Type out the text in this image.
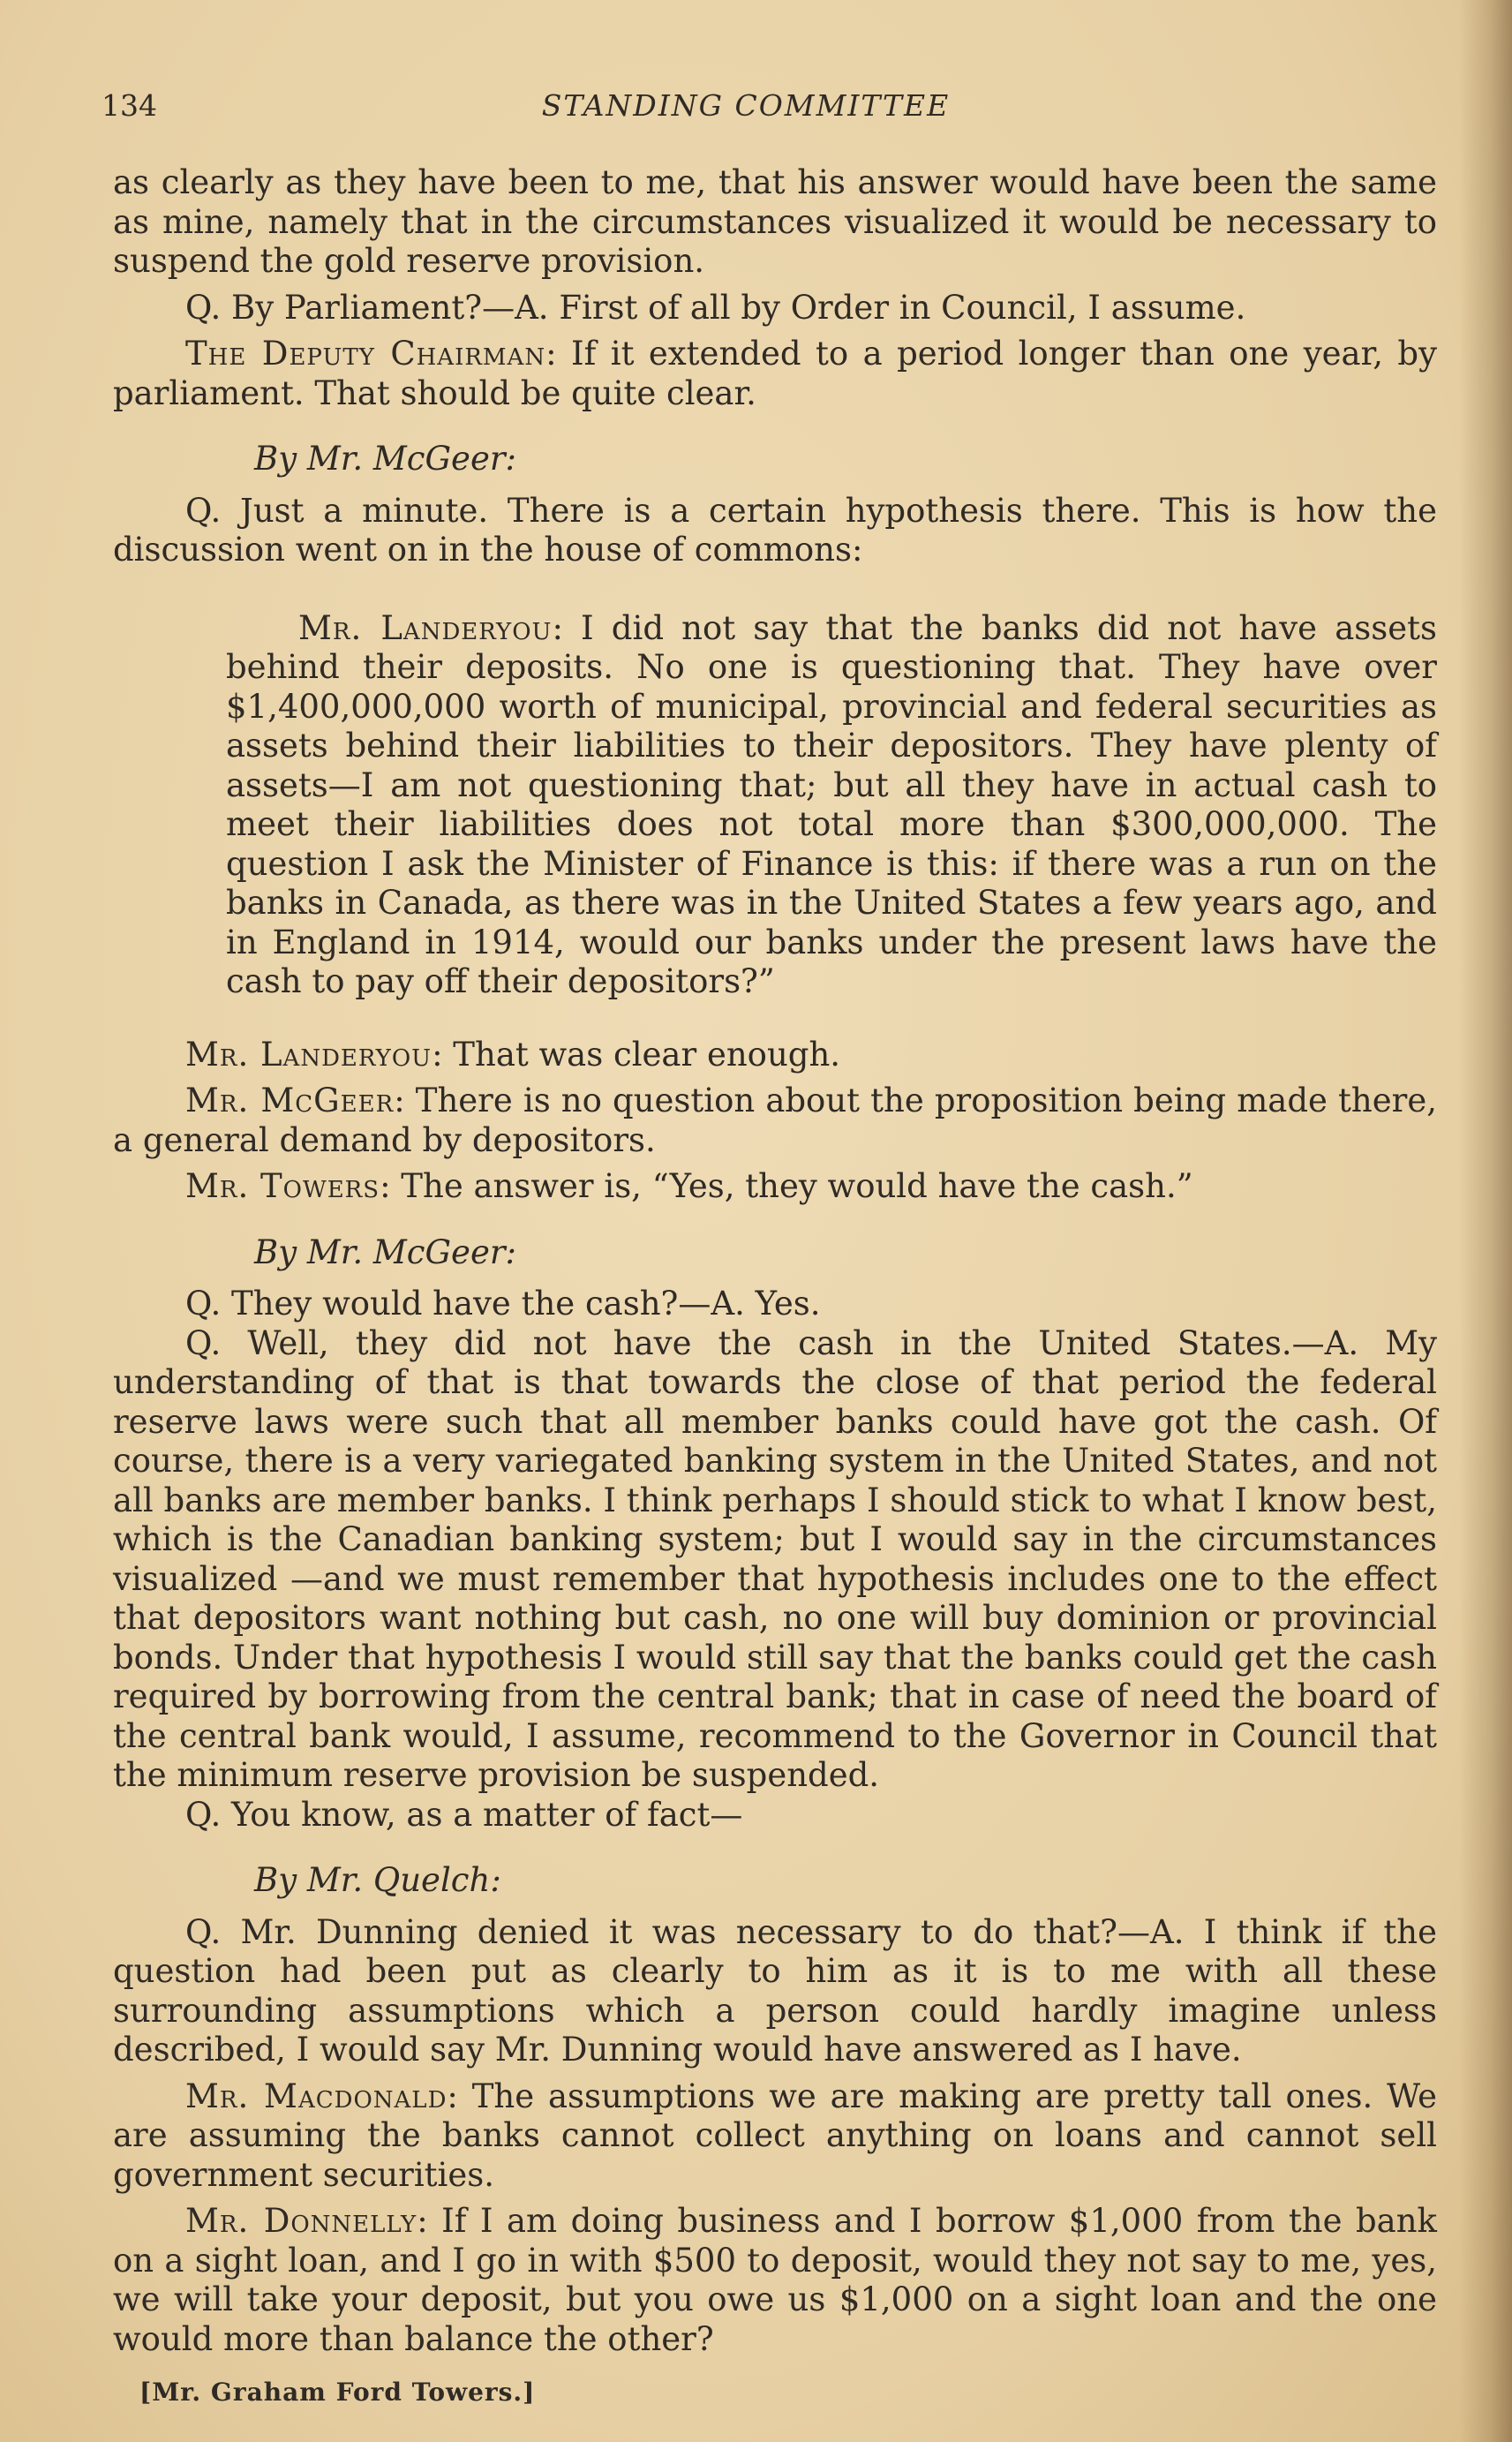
134	STANDING COMMITTEE

as clearly as they have been to me, that his answer would have been the same as mine, namely that in the circumstances visualized it would be necessary to suspend the gold reserve provision.

Q. By Parliament?—A. First of all by Order in Council, I assume.

The Deputy Chairman: If it extended to a period longer than one year, by parliament. That should be quite clear.

By Mr. McGeer:

Q. Just a minute. There is a certain hypothesis there. This is how the discussion went on in the house of commons:

Mr. Landeryou: I did not say that the banks did not have assets behind their deposits. No one is questioning that. They have over $1,400,000,000 worth of municipal, provincial and federal securities as assets behind their liabilities to their depositors. They have plenty of assets—I am not questioning that; but all they have in actual cash to meet their liabilities does not total more than $300,000,000. The question I ask the Minister of Finance is this: if there was a run on the banks in Canada, as there was in the United States a few years ago, and in England in 1914, would our banks under the present laws have the cash to pay off their depositors?”

Mr. Landeryou: That was clear enough.

Mr. McGeer: There is no question about the proposition being made there, a general demand by depositors.

Mr. Towers: The answer is, “Yes, they would have the cash.”

By Mr. McGeer:

Q. They would have the cash?—A. Yes.

Q. Well, they did not have the cash in the United States.—A. My understanding of that is that towards the close of that period the federal reserve laws were such that all member banks could have got the cash. Of course, there is a very variegated banking system in the United States, and not all banks are member banks. I think perhaps I should stick to what I know best, which is the Canadian banking system; but I would say in the circumstances visualized —and we must remember that hypothesis includes one to the effect that depositors want nothing but cash, no one will buy dominion or provincial bonds. Under that hypothesis I would still say that the banks could get the cash required by borrowing from the central bank; that in case of need the board of the central bank would, I assume, recommend to the Governor in Council that the minimum reserve provision be suspended.

Q. You know, as a matter of fact—

By Mr. Quelch:

Q. Mr. Dunning denied it was necessary to do that?—A. I think if the question had been put as clearly to him as it is to me with all these surrounding assumptions which a person could hardly imagine unless described, I would say Mr. Dunning would have answered as I have.

Mr. Macdonald: The assumptions we are making are pretty tall ones. We are assuming the banks cannot collect anything on loans and cannot sell government securities.

Mr. Donnelly: If I am doing business and I borrow $1,000 from the bank on a sight loan, and I go in with $500 to deposit, would they not say to me, yes, we will take your deposit, but you owe us $1,000 on a sight loan and the one would more than balance the other?

[Mr. Graham Ford Towers.]
